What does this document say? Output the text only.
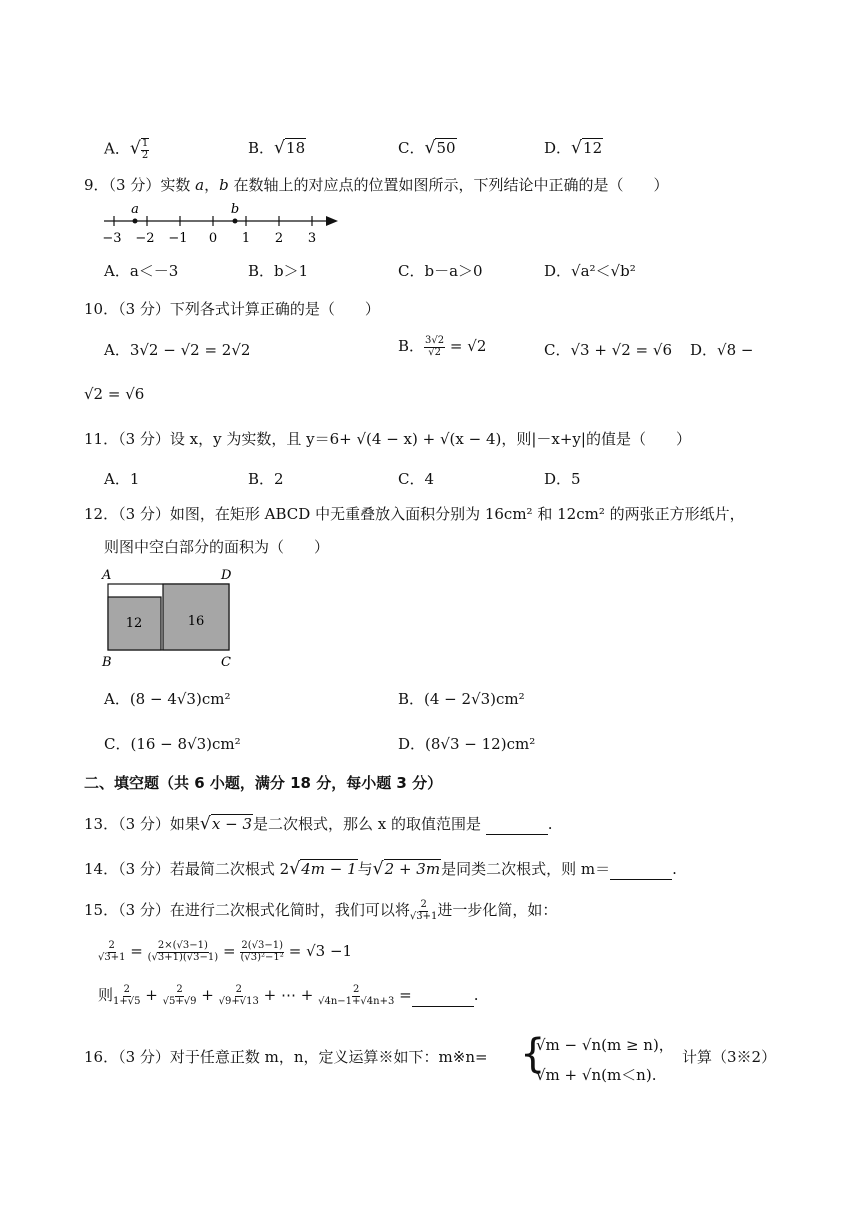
A．√ $\frac{1}{2}$	B．√18	C．√50	D．√12
9．（3 分）实数 a，b 在数轴上的对应点的位置如图所示，下列结论中正确的是（　　）
a	b
−3 −2 −1 0 1 2 3
A．a＜－3	B．b＞1	C．b－a＞0	D．√a²＜√b²
10．（3 分）下列各式计算正确的是（　　）
A．3√2 − √2 = 2√2	B． $\frac{3√2}{√2} = √2$	C．√3 + √2 = √6 D．√8 −
√2 = √6
11．（3 分）设 x，y 为实数，且 y＝6+ √(4 − x) + √(x − 4)，则|－x+y|的值是（　　）
A．1	B．2	C．4	D．5
12．（3 分）如图，在矩形 ABCD 中无重叠放入面积分别为 16cm² 和 12cm² 的两张正方形纸片，
则图中空白部分的面积为（　　）
A	D
B	C
12	16
A．(8 − 4√3)cm²	B．(4 − 2√3)cm²
C．(16 − 8√3)cm²	D．(8√3 − 12)cm²
二、填空题（共 6 小题，满分 18 分，每小题 3 分）
13．（3 分）如果√x − 3是二次根式，那么 x 的取值范围是	.
14．（3 分）若最简二次根式 2√4m − 1与√2 + 3m是同类二次根式，则 m＝	.
15．（3 分）在进行二次根式化简时，我们可以将 $\frac{2}{√3+1}$ 进一步化简，如：
$\frac{2}{√3+1} = \frac{2\times(√3-1)}{(√3+1)(√3-1)} = \frac{2(√3-1)}{\text{(√3)²−1²}} = √3 -1$
则 $\frac{2}{1+√5} + \frac{2}{√5+√9} + \frac{2}{√9+√13}$ + ⋯ + $\frac{2}{√4n-1+√4n+3}$ =	.
16．（3 分）对于任意正数 m，n，定义运算※如下：m※n= {
√m − √n(m ≥ n)，
√m + √n(m＜n).
计算（3※2）
